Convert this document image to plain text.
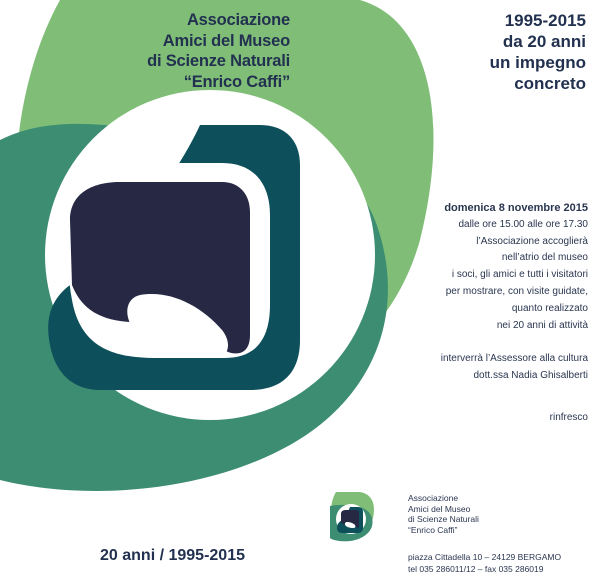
Associazione
Amici del Museo
di Scienze Naturali
“Enrico Caffi”
1995-2015
da 20 anni
un impegno
concreto
domenica 8 novembre 2015
dalle ore 15.00 alle ore 17.30
l’Associazione accoglierà
nell’atrio del museo
i soci, gli amici e tutti i visitatori
per mostrare, con visite guidate,
quanto realizzato
nei 20 anni di attività
interverrà l’Assessore alla cultura
dott.ssa Nadia Ghisalberti
rinfresco
20 anni / 1995-2015
Associazione
Amici del Museo
di Scienze Naturali
“Enrico Caffi”
piazza Cittadella 10 – 24129 BERGAMO
tel 035 286011/12 – fax 035 286019
